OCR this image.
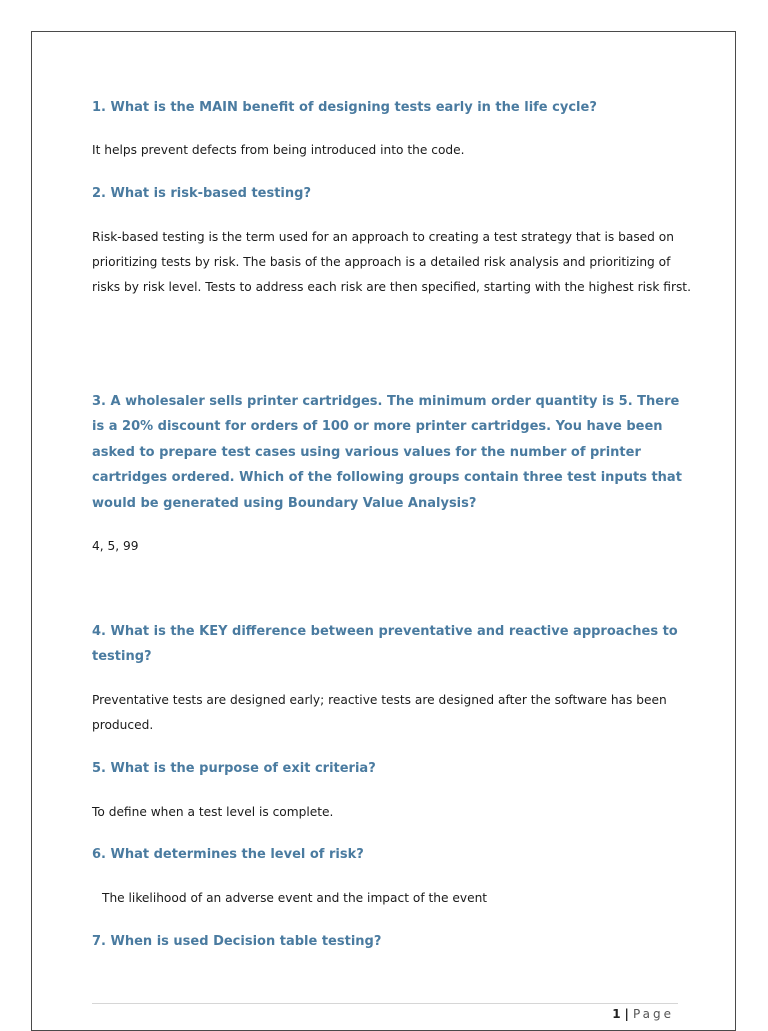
1. What is the MAIN benefit of designing tests early in the life cycle?

It helps prevent defects from being introduced into the code.

2. What is risk-based testing?

Risk-based testing is the term used for an approach to creating a test strategy that is based on prioritizing tests by risk. The basis of the approach is a detailed risk analysis and prioritizing of risks by risk level. Tests to address each risk are then specified, starting with the highest risk first.

3. A wholesaler sells printer cartridges. The minimum order quantity is 5. There is a 20% discount for orders of 100 or more printer cartridges. You have been asked to prepare test cases using various values for the number of printer cartridges ordered. Which of the following groups contain three test inputs that would be generated using Boundary Value Analysis?

4, 5, 99

4. What is the KEY difference between preventative and reactive approaches to testing?

Preventative tests are designed early; reactive tests are designed after the software has been produced.

5. What is the purpose of exit criteria?

To define when a test level is complete.

6. What determines the level of risk?

The likelihood of an adverse event and the impact of the event

7. When is used Decision table testing?

1 | Page
